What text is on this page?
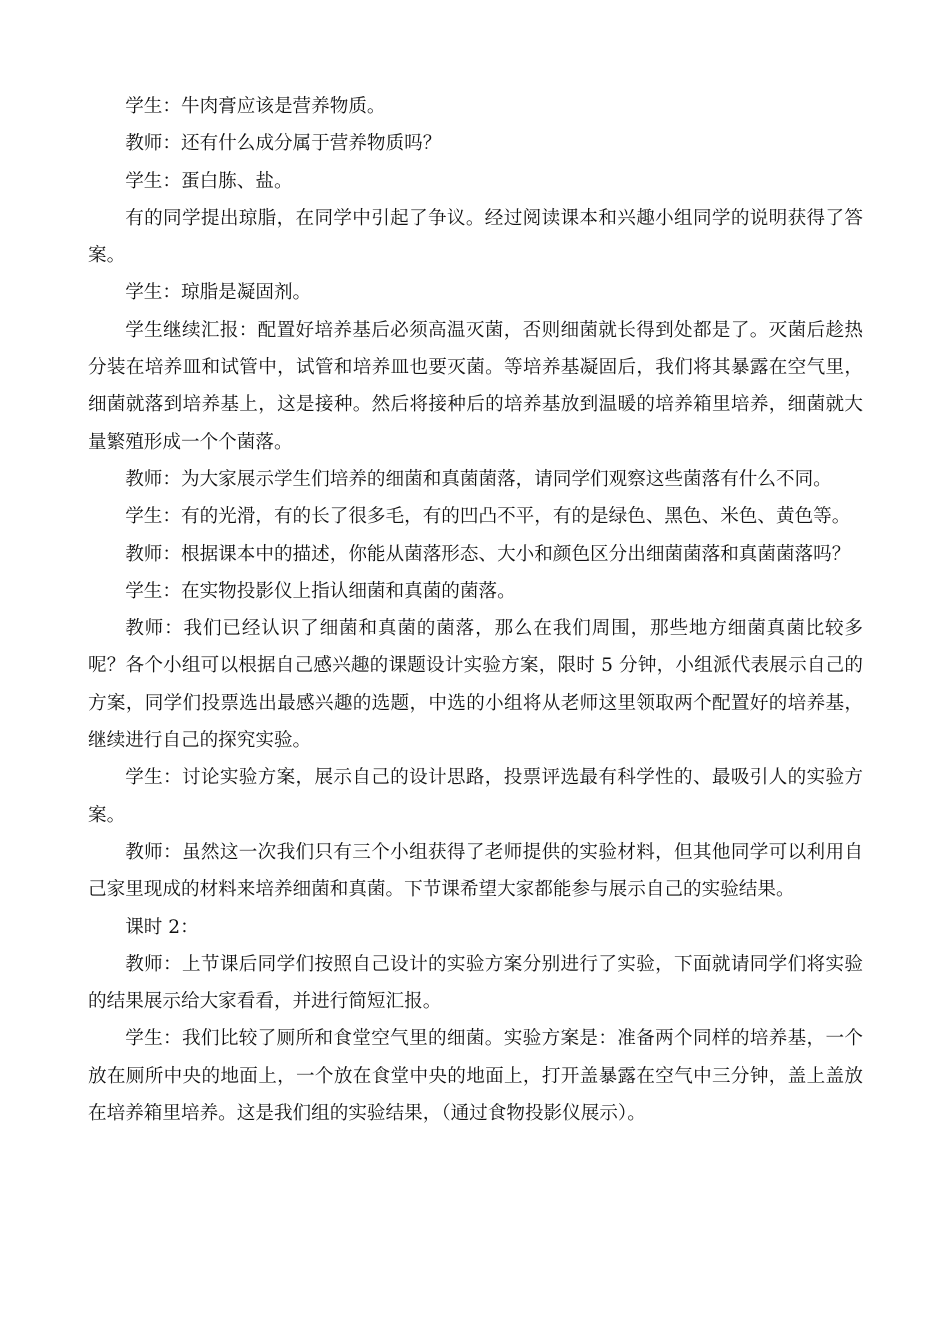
学生：牛肉膏应该是营养物质。

教师：还有什么成分属于营养物质吗？

学生：蛋白胨、盐。

有的同学提出琼脂，在同学中引起了争议。经过阅读课本和兴趣小组同学的说明获得了答案。

学生：琼脂是凝固剂。

学生继续汇报：配置好培养基后必须高温灭菌，否则细菌就长得到处都是了。灭菌后趁热分装在培养皿和试管中，试管和培养皿也要灭菌。等培养基凝固后，我们将其暴露在空气里，细菌就落到培养基上，这是接种。然后将接种后的培养基放到温暖的培养箱里培养，细菌就大量繁殖形成一个个菌落。

教师：为大家展示学生们培养的细菌和真菌菌落，请同学们观察这些菌落有什么不同。

学生：有的光滑，有的长了很多毛，有的凹凸不平，有的是绿色、黑色、米色、黄色等。

教师：根据课本中的描述，你能从菌落形态、大小和颜色区分出细菌菌落和真菌菌落吗？

学生：在实物投影仪上指认细菌和真菌的菌落。

教师：我们已经认识了细菌和真菌的菌落，那么在我们周围，那些地方细菌真菌比较多呢？各个小组可以根据自己感兴趣的课题设计实验方案，限时 5 分钟，小组派代表展示自己的方案，同学们投票选出最感兴趣的选题，中选的小组将从老师这里领取两个配置好的培养基，继续进行自己的探究实验。

学生：讨论实验方案，展示自己的设计思路，投票评选最有科学性的、最吸引人的实验方案。

教师：虽然这一次我们只有三个小组获得了老师提供的实验材料，但其他同学可以利用自己家里现成的材料来培养细菌和真菌。下节课希望大家都能参与展示自己的实验结果。

课时 2：

教师：上节课后同学们按照自己设计的实验方案分别进行了实验，下面就请同学们将实验的结果展示给大家看看，并进行简短汇报。

学生：我们比较了厕所和食堂空气里的细菌。实验方案是：准备两个同样的培养基，一个放在厕所中央的地面上，一个放在食堂中央的地面上，打开盖暴露在空气中三分钟，盖上盖放在培养箱里培养。这是我们组的实验结果，（通过食物投影仪展示）。
